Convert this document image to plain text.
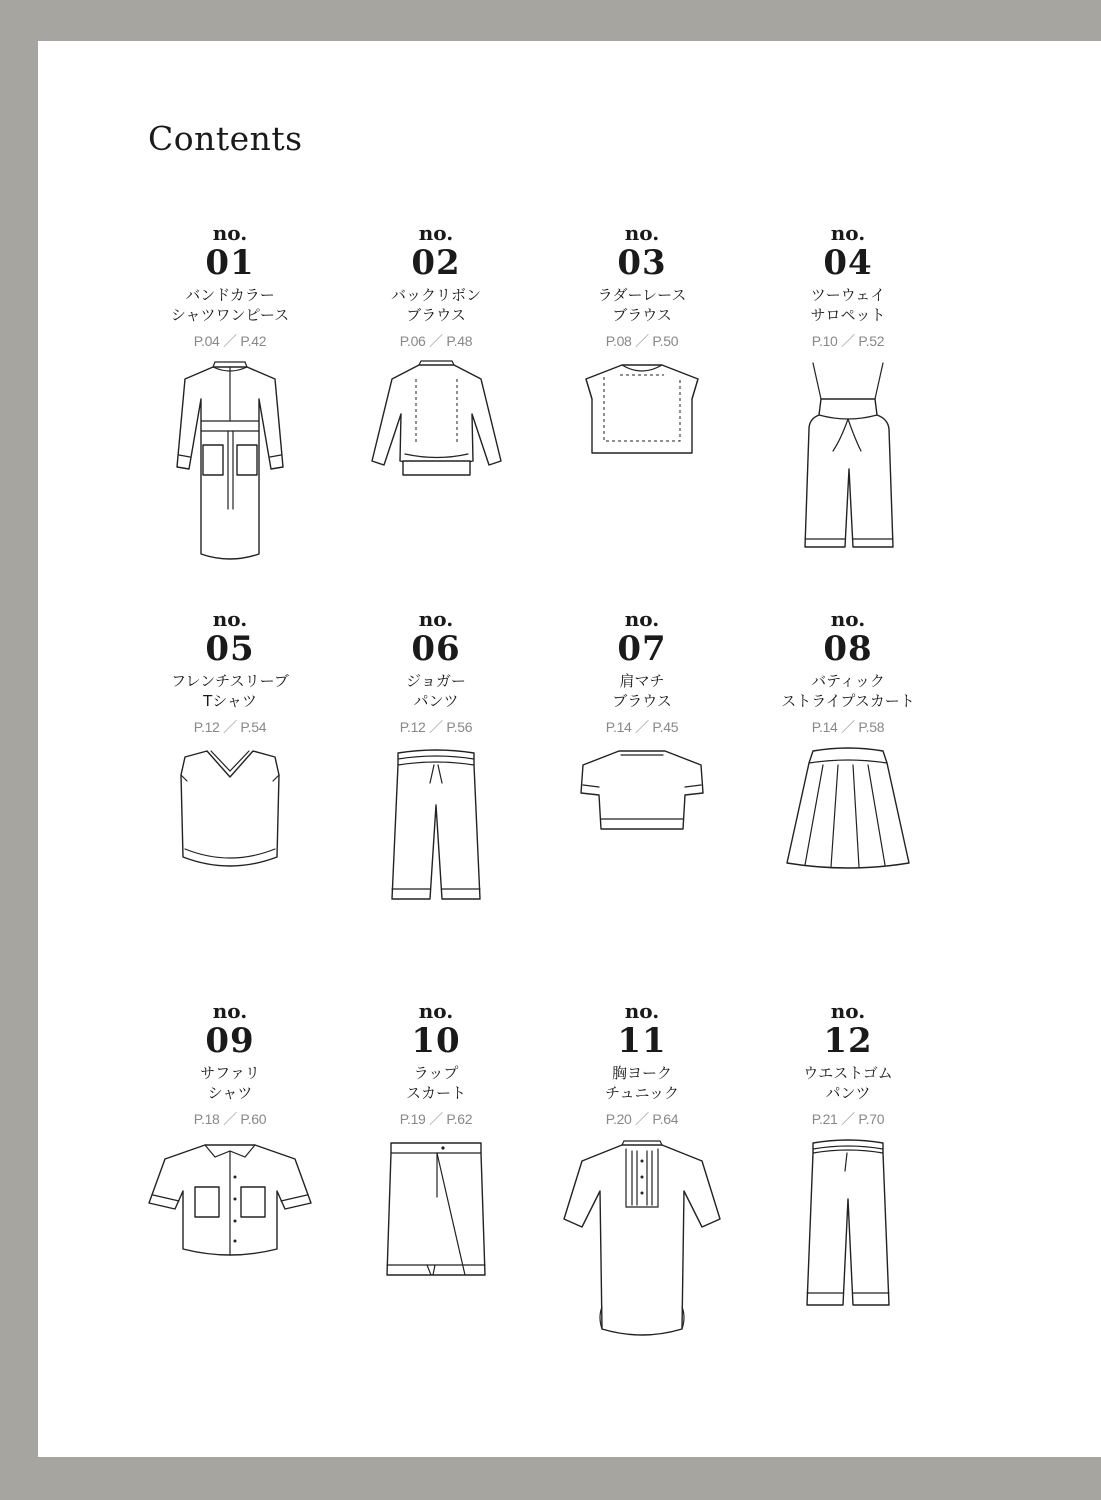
Contents
no.
01
バンドカラー
シャツワンピース
P.04 ／ P.42
no.
02
バックリボン
ブラウス
P.06 ／ P.48
no.
03
ラダーレース
ブラウス
P.08 ／ P.50
no.
04
ツーウェイ
サロペット
P.10 ／ P.52
no.
05
フレンチスリーブ
Tシャツ
P.12 ／ P.54
no.
06
ジョガー
パンツ
P.12 ／ P.56
no.
07
肩マチ
ブラウス
P.14 ／ P.45
no.
08
バティック
ストライプスカート
P.14 ／ P.58
no.
09
サファリ
シャツ
P.18 ／ P.60
no.
10
ラップ
スカート
P.19 ／ P.62
no.
11
胸ヨーク
チュニック
P.20 ／ P.64
no.
12
ウエストゴム
パンツ
P.21 ／ P.70
